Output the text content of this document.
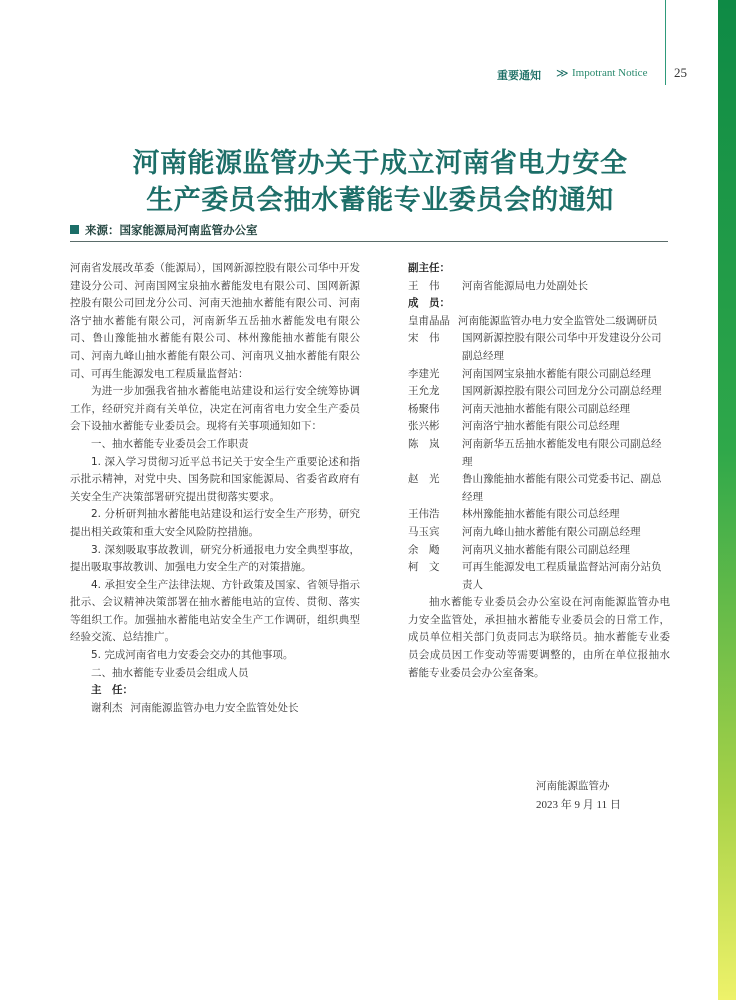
重要通知 ≫ Impotrant Notice 25
河南能源监管办关于成立河南省电力安全
生产委员会抽水蓄能专业委员会的通知
来源：国家能源局河南监管办公室

河南省发展改革委（能源局），国网新源控股有限公司华中开发建设分公司、河南国网宝泉抽水蓄能发电有限公司、国网新源控股有限公司回龙分公司、河南天池抽水蓄能有限公司、河南洛宁抽水蓄能有限公司，河南新华五岳抽水蓄能发电有限公司、鲁山豫能抽水蓄能有限公司、林州豫能抽水蓄能有限公司、河南九峰山抽水蓄能有限公司、河南巩义抽水蓄能有限公司、可再生能源发电工程质量监督站：

为进一步加强我省抽水蓄能电站建设和运行安全统筹协调工作，经研究并商有关单位，决定在河南省电力安全生产委员会下设抽水蓄能专业委员会。现将有关事项通知如下：

一、抽水蓄能专业委员会工作职责

1. 深入学习贯彻习近平总书记关于安全生产重要论述和指示批示精神，对党中央、国务院和国家能源局、省委省政府有关安全生产决策部署研究提出贯彻落实要求。

2. 分析研判抽水蓄能电站建设和运行安全生产形势，研究提出相关政策和重大安全风险防控措施。

3. 深刻吸取事故教训，研究分析通报电力安全典型事故，提出吸取事故教训、加强电力安全生产的对策措施。

4. 承担安全生产法律法规、方针政策及国家、省领导指示批示、会议精神决策部署在抽水蓄能电站的宣传、贯彻、落实等组织工作。加强抽水蓄能电站安全生产工作调研，组织典型经验交流、总结推广。

5. 完成河南省电力安委会交办的其他事项。

二、抽水蓄能专业委员会组成人员

主　任：

谢利杰 河南能源监管办电力安全监管处处长

副主任：

王　伟	河南省能源局电力处副处长

成　员：

皇甫晶晶 河南能源监管办电力安全监管处二级调研员

宋　伟	国网新源控股有限公司华中开发建设分公司副总经理

李建光	河南国网宝泉抽水蓄能有限公司副总经理

王允龙	国网新源控股有限公司回龙分公司副总经理

杨聚伟	河南天池抽水蓄能有限公司副总经理

张兴彬	河南洛宁抽水蓄能有限公司总经理

陈　岚	河南新华五岳抽水蓄能发电有限公司副总经理

赵　光	鲁山豫能抽水蓄能有限公司党委书记、副总经理

王伟浩	林州豫能抽水蓄能有限公司总经理

马玉宾	河南九峰山抽水蓄能有限公司副总经理

余　飏	河南巩义抽水蓄能有限公司副总经理

柯　文	可再生能源发电工程质量监督站河南分站负责人

抽水蓄能专业委员会办公室设在河南能源监管办电力安全监管处，承担抽水蓄能专业委员会的日常工作，成员单位相关部门负责同志为联络员。抽水蓄能专业委员会成员因工作变动等需要调整的，由所在单位报抽水蓄能专业委员会办公室备案。

河南能源监管办
2023 年 9 月 11 日
